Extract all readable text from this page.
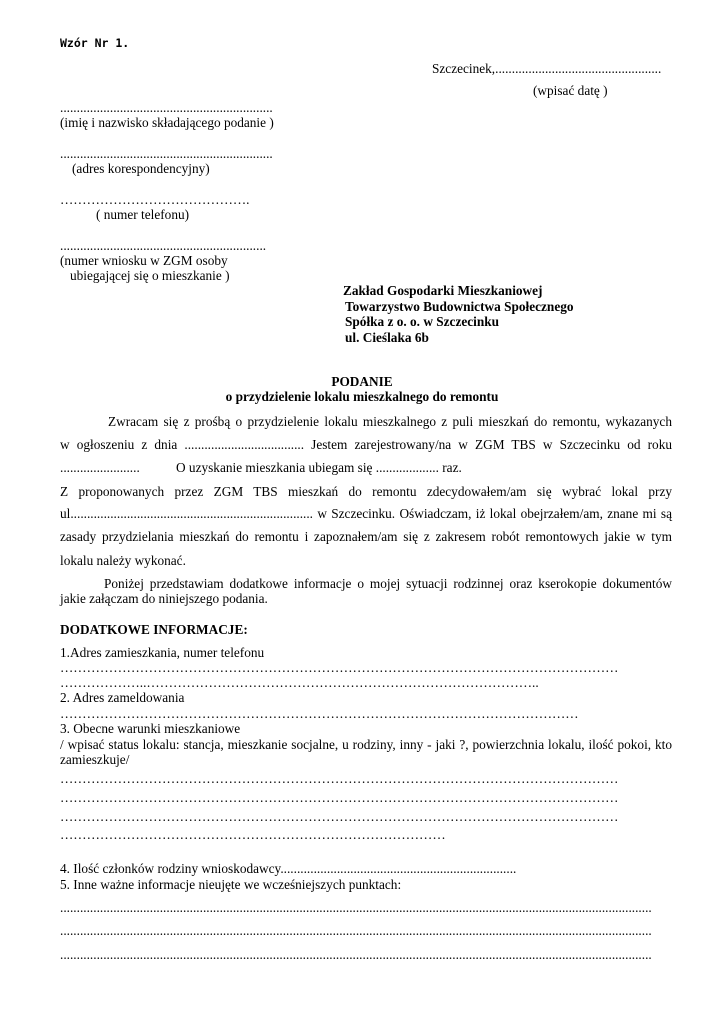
Wzór Nr 1.
Szczecinek,..................................................
(wpisać datę )
................................................................
(imię i nazwisko składającego podanie )
................................................................
(adres korespondencyjny)
…………………………………….
( numer telefonu)
..............................................................
(numer wniosku w ZGM osoby
ubiegającej się o mieszkanie )
Zakład Gospodarki Mieszkaniowej
Towarzystwo Budownictwa Społecznego
Spółka z o. o. w Szczecinku
ul. Cieślaka 6b
PODANIE
o przydzielenie lokalu mieszkalnego do remontu
Zwracam się z prośbą o przydzielenie lokalu mieszkalnego z puli mieszkań do remontu, wykazanych
w ogłoszeniu z dnia .................................... Jestem zarejestrowany/na w ZGM TBS w Szczecinku od roku
........................	O uzyskanie mieszkania ubiegam się ................... raz.
Z proponowanych przez ZGM TBS mieszkań do remontu zdecydowałem/am się wybrać lokal przy
ul......................................................................... w Szczecinku. Oświadczam, iż lokal obejrzałem/am, znane mi są
zasady przydzielania mieszkań do remontu i zapoznałem/am się z zakresem robót remontowych jakie w tym
lokalu należy wykonać.
Poniżej przedstawiam dodatkowe informacje o mojej sytuacji rodzinnej oraz kserokopie dokumentów
jakie załączam do niniejszego podania.
DODATKOWE INFORMACJE:
1.Adres zamieszkania, numer telefonu
………………………………………………………………………………………………………………
………………..……………………………………………………………………………..
2. Adres zameldowania
………………………………………………………………………………………………………
3. Obecne warunki mieszkaniowe
/ wpisać status lokalu: stancja, mieszkanie socjalne, u rodziny, inny - jaki ?, powierzchnia lokalu, ilość pokoi, kto
zamieszkuje/
………………………………………………………………………………………………………………
………………………………………………………………………………………………………………
………………………………………………………………………………………………………………
……………………………………………………………………………
4. Ilość członków rodziny wnioskodawcy.......................................................................
5. Inne ważne informacje nieujęte we wcześniejszych punktach:
..................................................................................................................................................................................
..................................................................................................................................................................................
..................................................................................................................................................................................
